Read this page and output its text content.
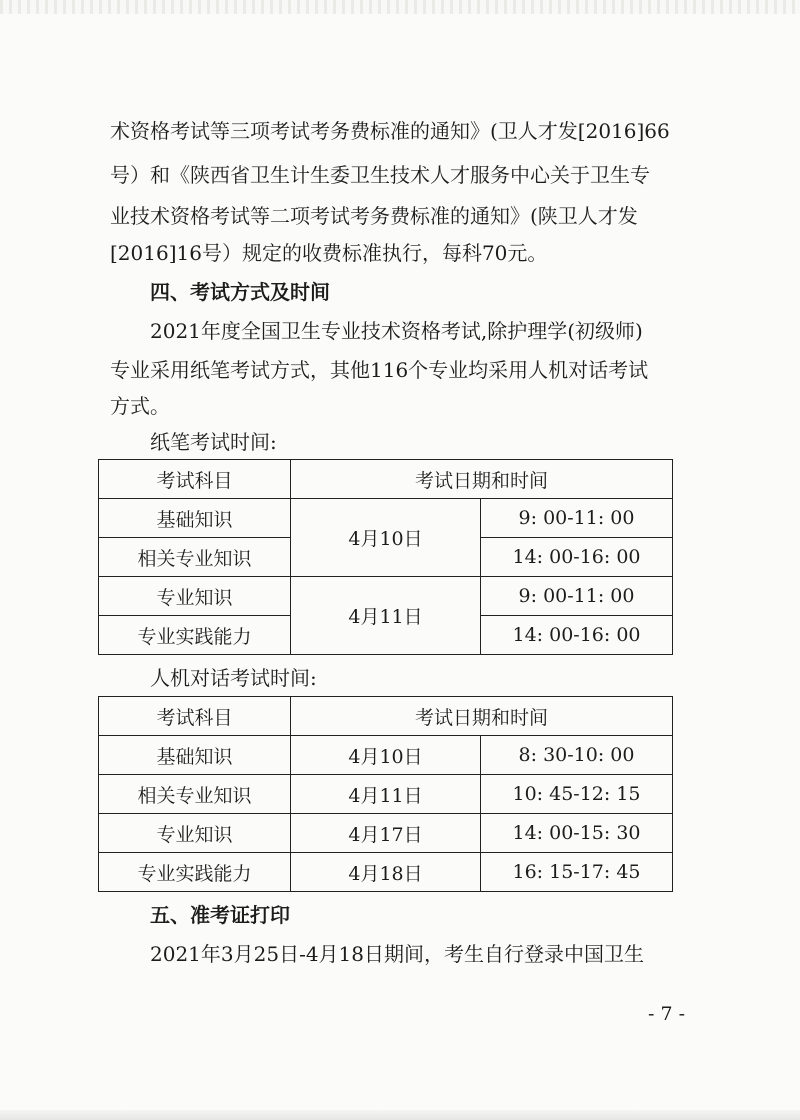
术资格考试等三项考试考务费标准的通知》(卫人才发[2016]66

号）和《陕西省卫生计生委卫生技术人才服务中心关于卫生专

业技术资格考试等二项考试考务费标准的通知》(陕卫人才发

[2016]16号）规定的收费标准执行，每科70元。

四、考试方式及时间

2021年度全国卫生专业技术资格考试,除护理学(初级师)

专业采用纸笔考试方式，其他116个专业均采用人机对话考试

方式。

纸笔考试时间:

考试科目	考试日期和时间	
基础知识	4月10日	9: 00-11: 00
相关专业知识		14: 00-16: 00
专业知识	4月11日	9: 00-11: 00
专业实践能力		14: 00-16: 00

人机对话考试时间:

考试科目	考试日期和时间	
基础知识	4月10日	8: 30-10: 00
相关专业知识	4月11日	10: 45-12: 15
专业知识	4月17日	14: 00-15: 30
专业实践能力	4月18日	16: 15-17: 45

五、准考证打印

2021年3月25日-4月18日期间，考生自行登录中国卫生

- 7 -
